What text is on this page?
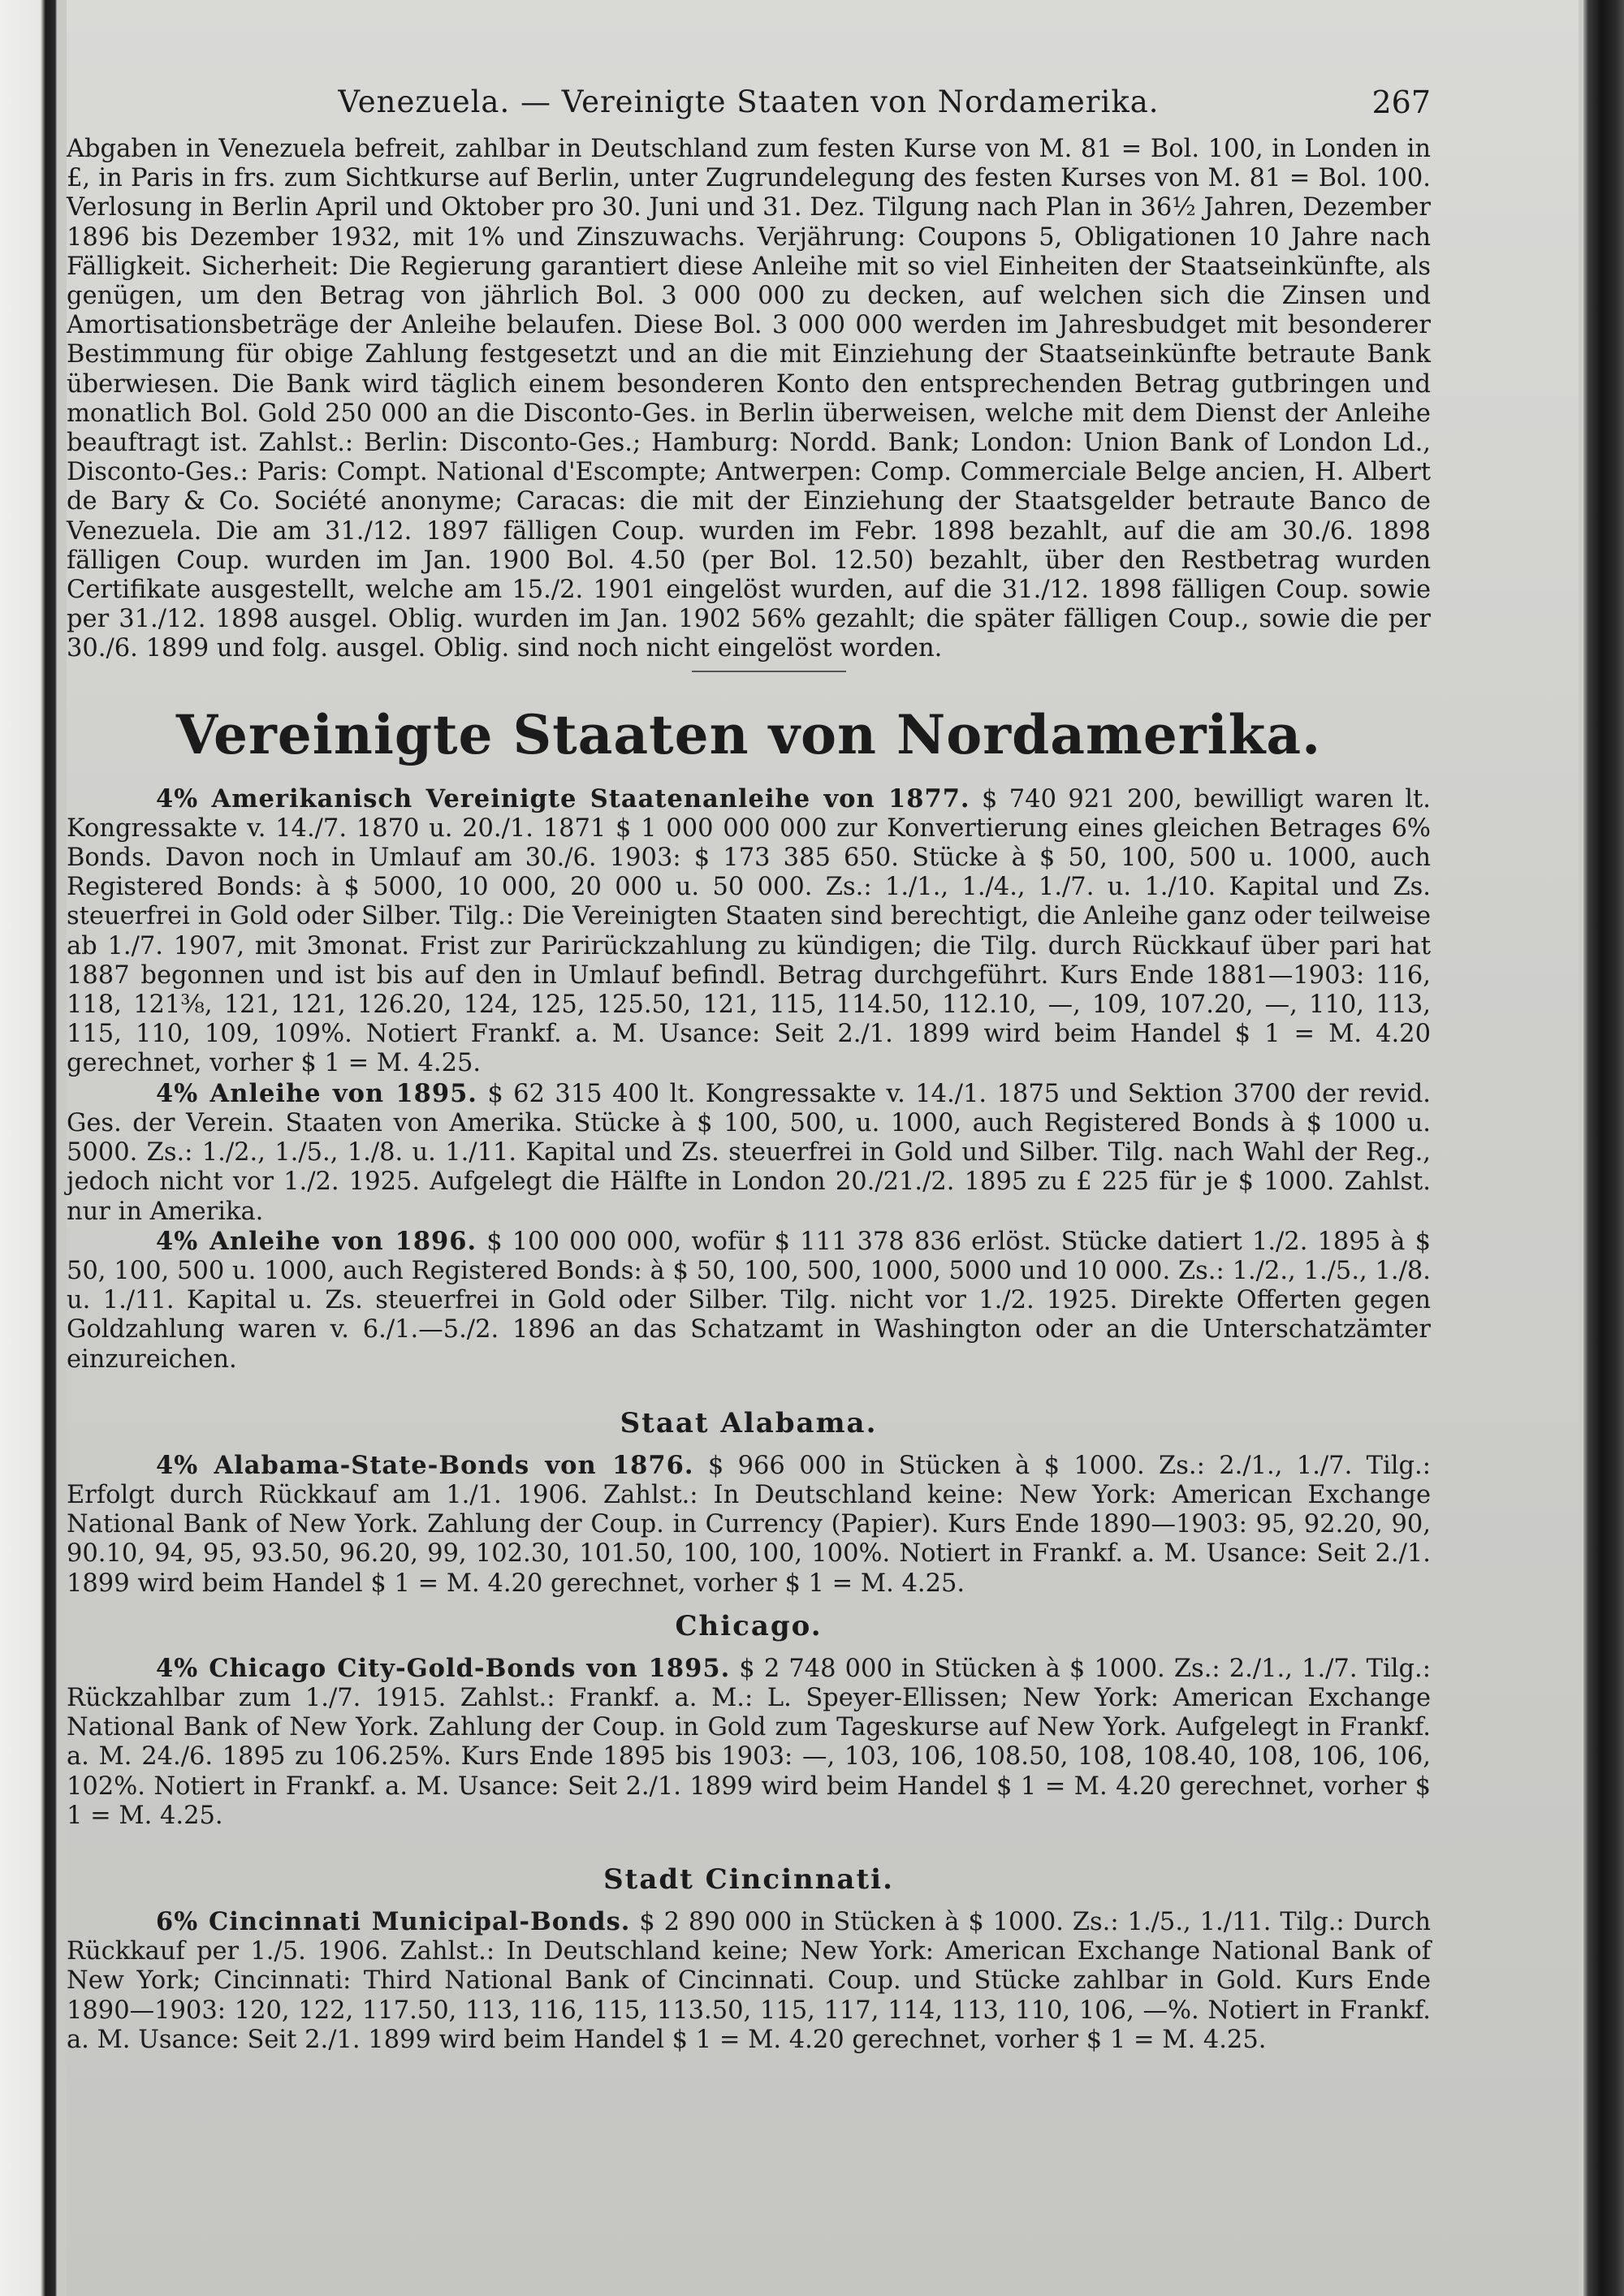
Venezuela. — Vereinigte Staaten von Nordamerika.	267

Abgaben in Venezuela befreit, zahlbar in Deutschland zum festen Kurse von M. 81 = Bol. 100, in Londen in £, in Paris in frs. zum Sichtkurse auf Berlin, unter Zugrundelegung des festen Kurses von M. 81 = Bol. 100. Verlosung in Berlin April und Oktober pro 30. Juni und 31. Dez. Tilgung nach Plan in 36½ Jahren, Dezember 1896 bis Dezember 1932, mit 1% und Zinszuwachs. Verjährung: Coupons 5, Obligationen 10 Jahre nach Fälligkeit. Sicherheit: Die Regierung garantiert diese Anleihe mit so viel Einheiten der Staatseinkünfte, als genügen, um den Betrag von jährlich Bol. 3 000 000 zu decken, auf welchen sich die Zinsen und Amortisationsbeträge der Anleihe belaufen. Diese Bol. 3 000 000 werden im Jahresbudget mit besonderer Bestimmung für obige Zahlung festgesetzt und an die mit Einziehung der Staatseinkünfte betraute Bank überwiesen. Die Bank wird täglich einem besonderen Konto den entsprechenden Betrag gutbringen und monatlich Bol. Gold 250 000 an die Disconto-Ges. in Berlin überweisen, welche mit dem Dienst der Anleihe beauftragt ist. Zahlst.: Berlin: Disconto-Ges.; Hamburg: Nordd. Bank; London: Union Bank of London Ld., Disconto-Ges.: Paris: Compt. National d'Escompte; Antwerpen: Comp. Commerciale Belge ancien, H. Albert de Bary & Co. Société anonyme; Caracas: die mit der Einziehung der Staatsgelder betraute Banco de Venezuela. Die am 31./12. 1897 fälligen Coup. wurden im Febr. 1898 bezahlt, auf die am 30./6. 1898 fälligen Coup. wurden im Jan. 1900 Bol. 4.50 (per Bol. 12.50) bezahlt, über den Restbetrag wurden Certifikate ausgestellt, welche am 15./2. 1901 eingelöst wurden, auf die 31./12. 1898 fälligen Coup. sowie per 31./12. 1898 ausgel. Oblig. wurden im Jan. 1902 56% gezahlt; die später fälligen Coup., sowie die per 30./6. 1899 und folg. ausgel. Oblig. sind noch nicht eingelöst worden.

Vereinigte Staaten von Nordamerika.

4% Amerikanisch Vereinigte Staatenanleihe von 1877. $ 740 921 200, bewilligt waren lt. Kongressakte v. 14./7. 1870 u. 20./1. 1871 $ 1 000 000 000 zur Konvertierung eines gleichen Betrages 6% Bonds. Davon noch in Umlauf am 30./6. 1903: $ 173 385 650. Stücke à $ 50, 100, 500 u. 1000, auch Registered Bonds: à $ 5000, 10 000, 20 000 u. 50 000. Zs.: 1./1., 1./4., 1./7. u. 1./10. Kapital und Zs. steuerfrei in Gold oder Silber. Tilg.: Die Vereinigten Staaten sind berechtigt, die Anleihe ganz oder teilweise ab 1./7. 1907, mit 3monat. Frist zur Parirückzahlung zu kündigen; die Tilg. durch Rückkauf über pari hat 1887 begonnen und ist bis auf den in Umlauf befindl. Betrag durchgeführt. Kurs Ende 1881—1903: 116, 118, 121⅜, 121, 121, 126.20, 124, 125, 125.50, 121, 115, 114.50, 112.10, —, 109, 107.20, —, 110, 113, 115, 110, 109, 109%. Notiert Frankf. a. M. Usance: Seit 2./1. 1899 wird beim Handel $ 1 = M. 4.20 gerechnet, vorher $ 1 = M. 4.25.

4% Anleihe von 1895. $ 62 315 400 lt. Kongressakte v. 14./1. 1875 und Sektion 3700 der revid. Ges. der Verein. Staaten von Amerika. Stücke à $ 100, 500, u. 1000, auch Registered Bonds à $ 1000 u. 5000. Zs.: 1./2., 1./5., 1./8. u. 1./11. Kapital und Zs. steuerfrei in Gold und Silber. Tilg. nach Wahl der Reg., jedoch nicht vor 1./2. 1925. Aufgelegt die Hälfte in London 20./21./2. 1895 zu £ 225 für je $ 1000. Zahlst. nur in Amerika.

4% Anleihe von 1896. $ 100 000 000, wofür $ 111 378 836 erlöst. Stücke datiert 1./2. 1895 à $ 50, 100, 500 u. 1000, auch Registered Bonds: à $ 50, 100, 500, 1000, 5000 und 10 000. Zs.: 1./2., 1./5., 1./8. u. 1./11. Kapital u. Zs. steuerfrei in Gold oder Silber. Tilg. nicht vor 1./2. 1925. Direkte Offerten gegen Goldzahlung waren v. 6./1.—5./2. 1896 an das Schatzamt in Washington oder an die Unterschatzämter einzureichen.

Staat Alabama.

4% Alabama-State-Bonds von 1876. $ 966 000 in Stücken à $ 1000. Zs.: 2./1., 1./7. Tilg.: Erfolgt durch Rückkauf am 1./1. 1906. Zahlst.: In Deutschland keine: New York: American Exchange National Bank of New York. Zahlung der Coup. in Currency (Papier). Kurs Ende 1890—1903: 95, 92.20, 90, 90.10, 94, 95, 93.50, 96.20, 99, 102.30, 101.50, 100, 100, 100%. Notiert in Frankf. a. M. Usance: Seit 2./1. 1899 wird beim Handel $ 1 = M. 4.20 gerechnet, vorher $ 1 = M. 4.25.

Chicago.

4% Chicago City-Gold-Bonds von 1895. $ 2 748 000 in Stücken à $ 1000. Zs.: 2./1., 1./7. Tilg.: Rückzahlbar zum 1./7. 1915. Zahlst.: Frankf. a. M.: L. Speyer-Ellissen; New York: American Exchange National Bank of New York. Zahlung der Coup. in Gold zum Tageskurse auf New York. Aufgelegt in Frankf. a. M. 24./6. 1895 zu 106.25%. Kurs Ende 1895 bis 1903: —, 103, 106, 108.50, 108, 108.40, 108, 106, 106, 102%. Notiert in Frankf. a. M. Usance: Seit 2./1. 1899 wird beim Handel $ 1 = M. 4.20 gerechnet, vorher $ 1 = M. 4.25.

Stadt Cincinnati.

6% Cincinnati Municipal-Bonds. $ 2 890 000 in Stücken à $ 1000. Zs.: 1./5., 1./11. Tilg.: Durch Rückkauf per 1./5. 1906. Zahlst.: In Deutschland keine; New York: American Exchange National Bank of New York; Cincinnati: Third National Bank of Cincinnati. Coup. und Stücke zahlbar in Gold. Kurs Ende 1890—1903: 120, 122, 117.50, 113, 116, 115, 113.50, 115, 117, 114, 113, 110, 106, —%. Notiert in Frankf. a. M. Usance: Seit 2./1. 1899 wird beim Handel $ 1 = M. 4.20 gerechnet, vorher $ 1 = M. 4.25.
